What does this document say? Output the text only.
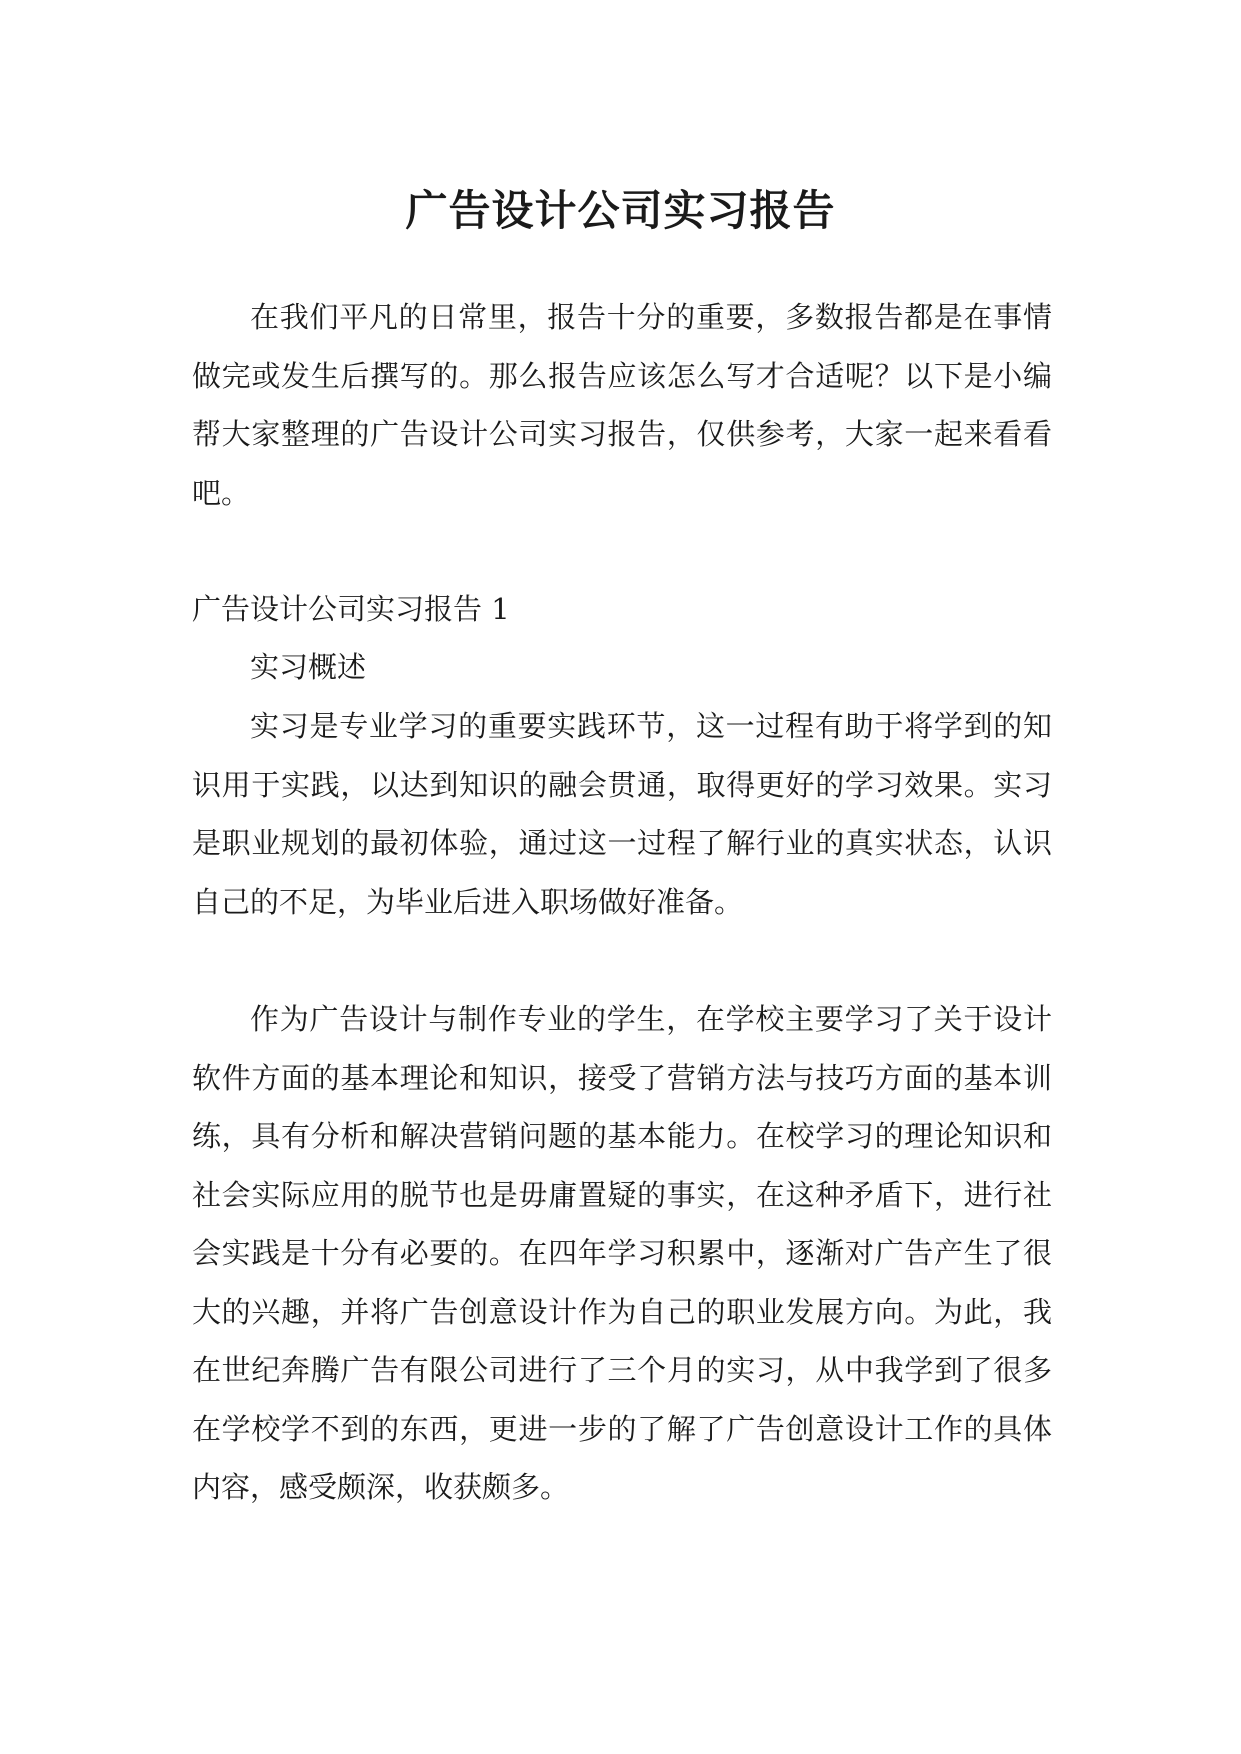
广告设计公司实习报告

在我们平凡的日常里，报告十分的重要，多数报告都是在事情做完或发生后撰写的。那么报告应该怎么写才合适呢？以下是小编帮大家整理的广告设计公司实习报告，仅供参考，大家一起来看看吧。

广告设计公司实习报告 1

实习概述

实习是专业学习的重要实践环节，这一过程有助于将学到的知识用于实践，以达到知识的融会贯通，取得更好的学习效果。实习是职业规划的最初体验，通过这一过程了解行业的真实状态，认识自己的不足，为毕业后进入职场做好准备。

作为广告设计与制作专业的学生，在学校主要学习了关于设计软件方面的基本理论和知识，接受了营销方法与技巧方面的基本训练，具有分析和解决营销问题的基本能力。在校学习的理论知识和社会实际应用的脱节也是毋庸置疑的事实，在这种矛盾下，进行社会实践是十分有必要的。在四年学习积累中，逐渐对广告产生了很大的兴趣，并将广告创意设计作为自己的职业发展方向。为此，我在世纪奔腾广告有限公司进行了三个月的实习，从中我学到了很多在学校学不到的东西，更进一步的了解了广告创意设计工作的具体内容，感受颇深，收获颇多。
